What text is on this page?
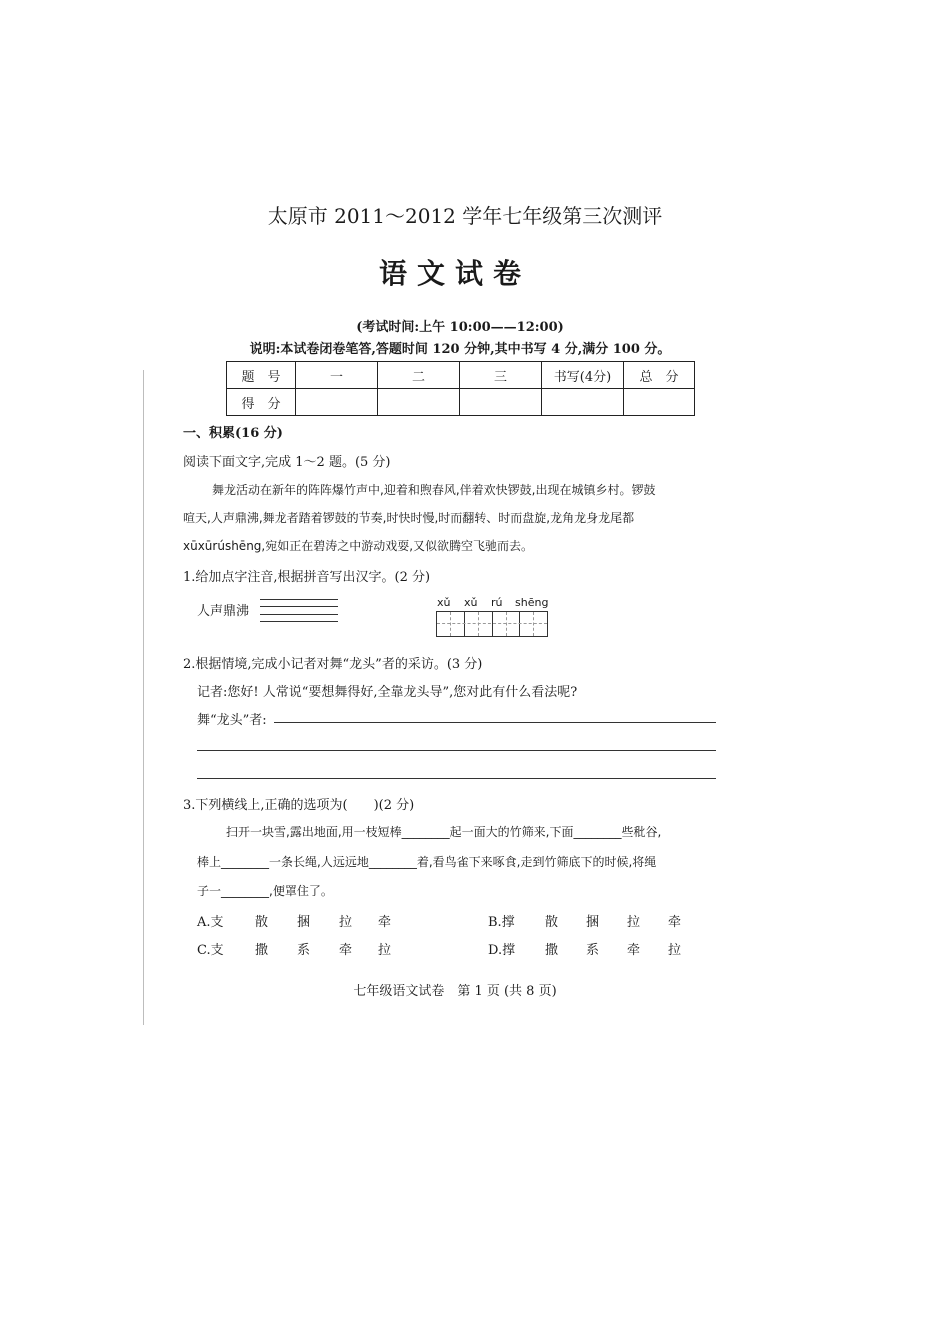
太原市 2011～2012 学年七年级第三次测评
语文试卷
(考试时间:上午 10:00——12:00)
说明:本试卷闭卷笔答,答题时间 120 分钟,其中书写 4 分,满分 100 分。
题　号	一	二	三	书写(4分)	总　分
得　分					
一、积累(16 分)
阅读下面文字,完成 1～2 题。(5 分)
舞龙活动在新年的阵阵爆竹声中,迎着和煦春风,伴着欢快锣鼓,出现在城镇乡村。锣鼓
喧天,人声鼎沸,舞龙者踏着锣鼓的节奏,时快时慢,时而翻转、时而盘旋,龙角龙身龙尾都
xūxūrúshēng,宛如正在碧涛之中游动戏耍,又似欲腾空飞驰而去。
1.给加点字注音,根据拼音写出汉字。(2 分)
人声鼎沸
xǔ xǔ rú shēng
2.根据情境,完成小记者对舞“龙头”者的采访。(3 分)
记者:您好! 人常说“要想舞得好,全靠龙头导”,您对此有什么看法呢?
舞“龙头”者:
3.下列横线上,正确的选项为(　　)(2 分)
扫开一块雪,露出地面,用一枝短棒________起一面大的竹筛来,下面________些秕谷,
棒上________一条长绳,人远远地________着,看鸟雀下来啄食,走到竹筛底下的时候,将绳
子一________,便罩住了。
A.支 散 捆 拉 牵	B.撑 散 捆 拉 牵
C.支 撒 系 牵 拉	D.撑 撒 系 牵 拉
七年级语文试卷　第 1 页 (共 8 页)
